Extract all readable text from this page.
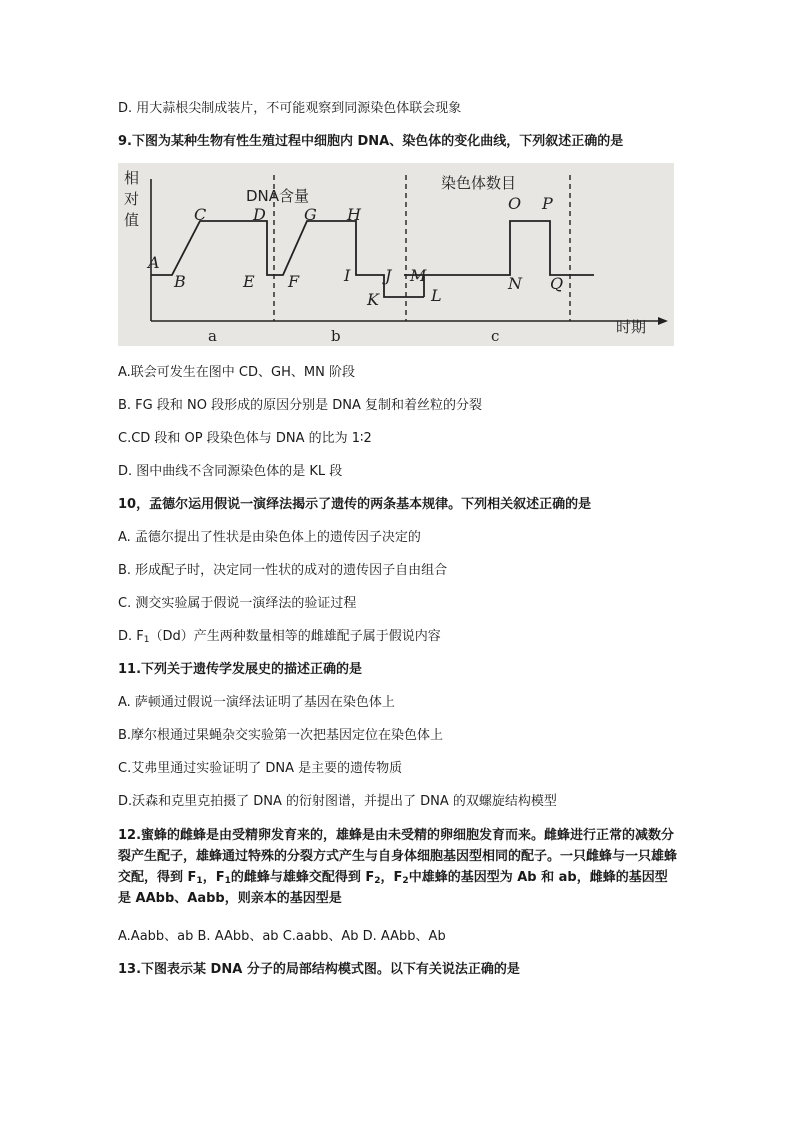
D. 用大蒜根尖制成装片，不可能观察到同源染色体联会现象
9.下图为某种生物有性生殖过程中细胞内 DNA、染色体的变化曲线，下列叙述正确的是
相
对
值
时期
DNA含量
染色体数目
a	b	c
A
B
C	D
E F
G H
I J
K	L
M	N
O P
Q
A.联会可发生在图中 CD、GH、MN 阶段
B. FG 段和 NO 段形成的原因分别是 DNA 复制和着丝粒的分裂
C.CD 段和 OP 段染色体与 DNA 的比为 1∶2
D. 图中曲线不含同源染色体的是 KL 段
10，孟德尔运用假说一演绎法揭示了遗传的两条基本规律。下列相关叙述正确的是
A. 孟德尔提出了性状是由染色体上的遗传因子决定的
B. 形成配子时，决定同一性状的成对的遗传因子自由组合
C. 测交实验属于假说一演绎法的验证过程
D. $F_1(Dd)$产生两种数量相等的雌雄配子属于假说内容
11.下列关于遗传学发展史的描述正确的是
A. 萨顿通过假说一演绎法证明了基因在染色体上
B.摩尔根通过果蝇杂交实验第一次把基因定位在染色体上
C.艾弗里通过实验证明了 DNA 是主要的遗传物质
D.沃森和克里克拍摄了 DNA 的衍射图谱，并提出了 DNA 的双螺旋结构模型
12.蜜蜂的雌蜂是由受精卵发育来的，雄蜂是由未受精的卵细胞发育而来。雌蜂进行正常的减数分裂产生配子，雄蜂通过特殊的分裂方式产生与自身体细胞基因型相同的配子。一只雌蜂与一只雄蜂交配，得到 $F_1$，$F_1$的雌蜂与雄蜂交配得到 $F_2$，$F_2$中雄蜂的基因型为 Ab 和 ab，雌蜂的基因型是 AAbb、Aabb，则亲本的基因型是
A.Aabb、ab B. AAbb、ab C.aabb、Ab D. AAbb、Ab
13.下图表示某 DNA 分子的局部结构模式图。以下有关说法正确的是
